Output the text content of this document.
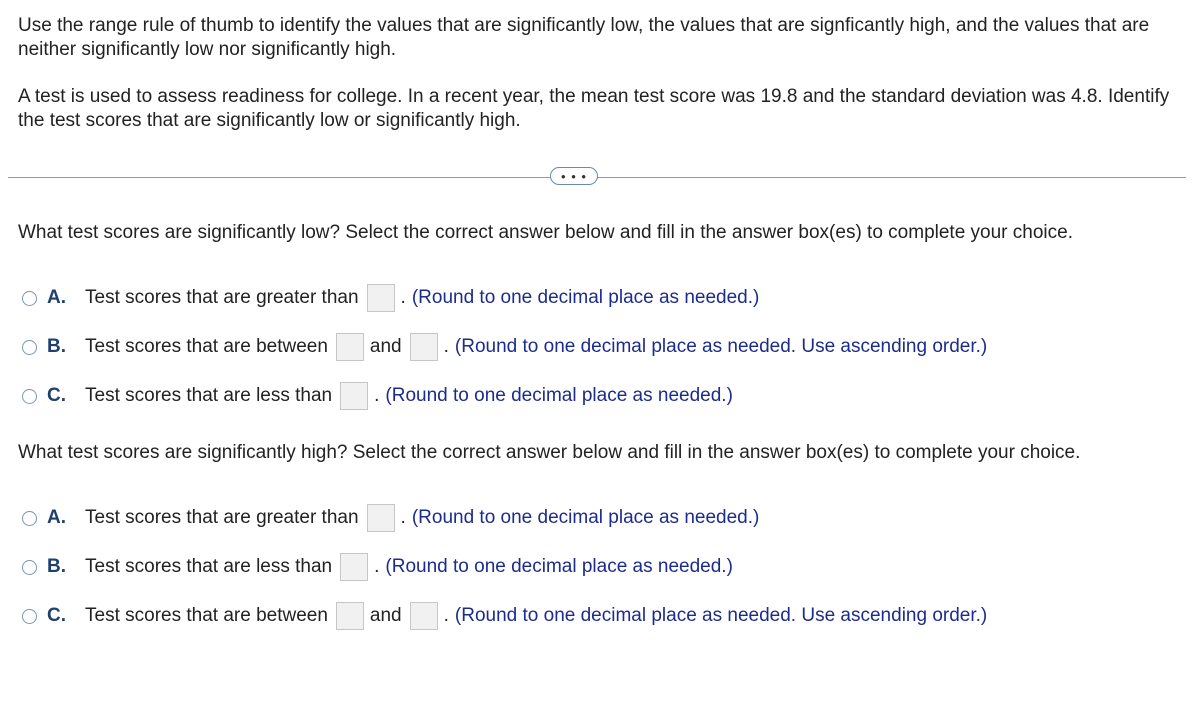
Use the range rule of thumb to identify the values that are significantly low, the values that are signficantly high, and the values that are neither significantly low nor significantly high.

A test is used to assess readiness for college. In a recent year, the mean test score was 19.8 and the standard deviation was 4.8. Identify the test scores that are significantly low or significantly high.

• • •

What test scores are significantly low? Select the correct answer below and fill in the answer box(es) to complete your choice.

A.	Test scores that are greater than . (Round to one decimal place as needed.)
B.	Test scores that are between and . (Round to one decimal place as needed. Use ascending order.)
C.	Test scores that are less than . (Round to one decimal place as needed.)

What test scores are significantly high? Select the correct answer below and fill in the answer box(es) to complete your choice.

A.	Test scores that are greater than . (Round to one decimal place as needed.)
B.	Test scores that are less than . (Round to one decimal place as needed.)
C.	Test scores that are between and . (Round to one decimal place as needed. Use ascending order.)
